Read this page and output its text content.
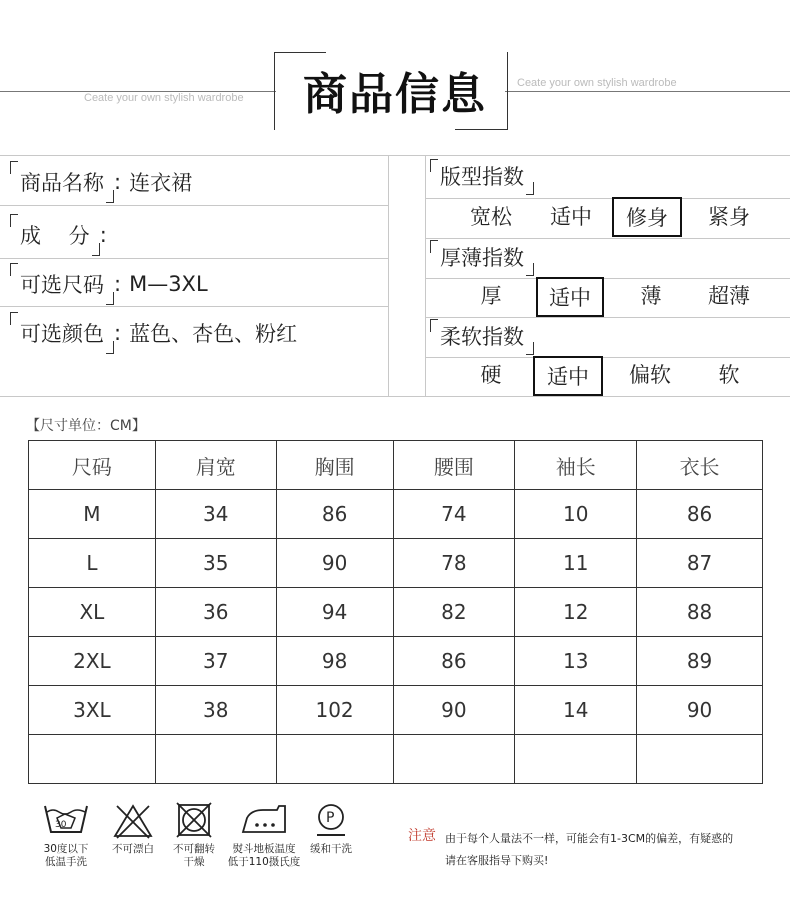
商品信息
Ceate your own stylish wardrobe
Ceate your own stylish wardrobe
商品名称 : 连衣裙
成　 分 :
可选尺码 : M—3XL
可选颜色 : 蓝色、杏色、粉红
版型指数
宽松	适中	修身	紧身
厚薄指数
厚	适中	薄	超薄
柔软指数
硬	适中	偏软	软
【尺寸单位：CM】
尺码	肩宽	胸围	腰围	袖长	衣长
M	34	86	74	10	86
L	35	90	78	11	87
XL	36	94	82	12	88
2XL	37	98	86	13	89
3XL	38	102	90	14	90

30
30度以下
低温手洗
不可漂白	不可翻转
干燥
熨斗地板温度
低于110摄氏度
P
缓和干洗
注意 由于每个人量法不一样，可能会有1-3CM的偏差，有疑惑的
请在客服指导下购买!
